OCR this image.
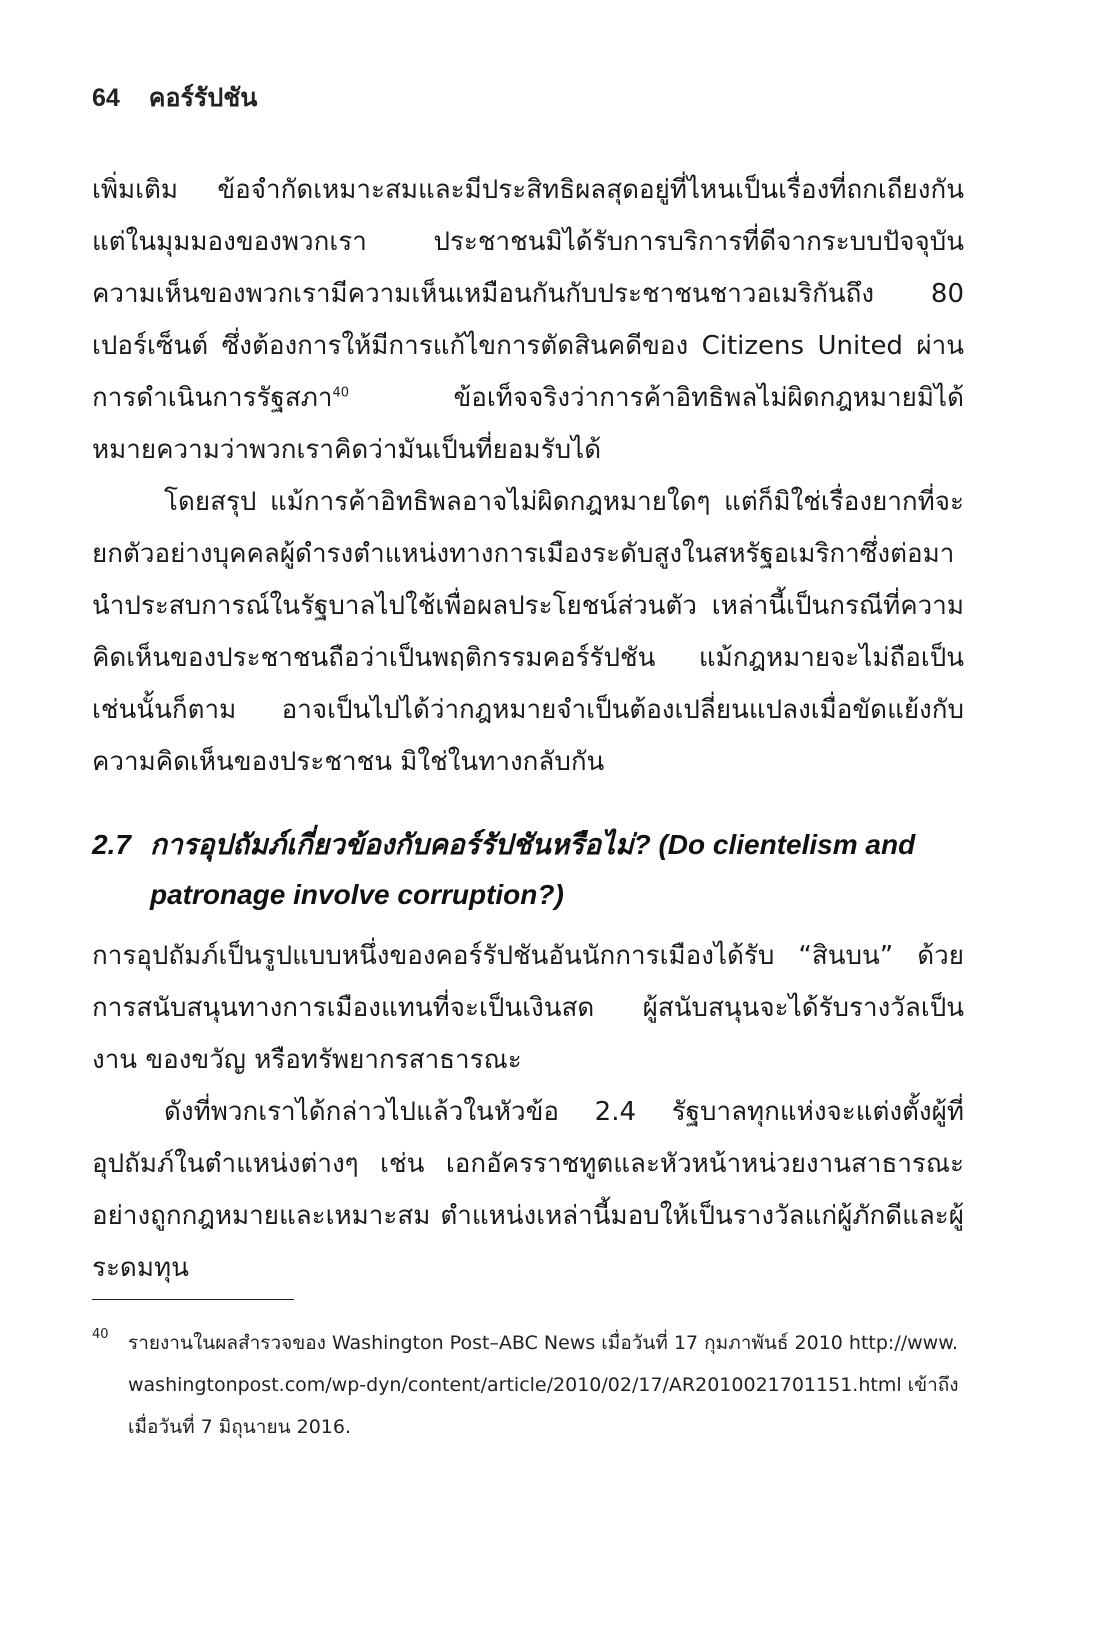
64 คอร์รัปชัน

เพิ่มเติม ข้อจำกัดเหมาะสมและมีประสิทธิผลสุดอยู่ที่ไหนเป็นเรื่องที่ถกเถียงกัน แต่ในมุมมองของพวกเรา ประชาชนมิได้รับการบริการที่ดีจากระบบปัจจุบัน ความเห็นของพวกเรามีความเห็นเหมือนกันกับประชาชนชาวอเมริกันถึง 80 เปอร์เซ็นต์ ซึ่งต้องการให้มีการแก้ไขการตัดสินคดีของ Citizens United ผ่านการดำเนินการรัฐสภา$^{40}$ ข้อเท็จจริงว่าการค้าอิทธิพลไม่ผิดกฎหมายมิได้หมายความว่าพวกเราคิดว่ามันเป็นที่ยอมรับได้

โดยสรุป แม้การค้าอิทธิพลอาจไม่ผิดกฎหมายใดๆ แต่ก็มิใช่เรื่องยากที่จะยกตัวอย่างบุคคลผู้ดำรงตำแหน่งทางการเมืองระดับสูงในสหรัฐอเมริกาซึ่งต่อมานำประสบการณ์ในรัฐบาลไปใช้เพื่อผลประโยชน์ส่วนตัว เหล่านี้เป็นกรณีที่ความคิดเห็นของประชาชนถือว่าเป็นพฤติกรรมคอร์รัปชัน แม้กฎหมายจะไม่ถือเป็นเช่นนั้นก็ตาม อาจเป็นไปได้ว่ากฎหมายจำเป็นต้องเปลี่ยนแปลงเมื่อขัดแย้งกับความคิดเห็นของประชาชน มิใช่ในทางกลับกัน

2.7 การอุปถัมภ์เกี่ยวข้องกับคอร์รัปชันหรือไม่? (Do clientelism and patronage involve corruption?)

การอุปถัมภ์เป็นรูปแบบหนึ่งของคอร์รัปชันอันนักการเมืองได้รับ “สินบน” ด้วยการสนับสนุนทางการเมืองแทนที่จะเป็นเงินสด ผู้สนับสนุนจะได้รับรางวัลเป็นงาน ของขวัญ หรือทรัพยากรสาธารณะ

ดังที่พวกเราได้กล่าวไปแล้วในหัวข้อ 2.4 รัฐบาลทุกแห่งจะแต่งตั้งผู้ที่อุปถัมภ์ในตำแหน่งต่างๆ เช่น เอกอัครราชทูตและหัวหน้าหน่วยงานสาธารณะอย่างถูกกฎหมายและเหมาะสม ตำแหน่งเหล่านี้มอบให้เป็นรางวัลแก่ผู้ภักดีและผู้ระดมทุน

40 รายงานในผลสำรวจของ Washington Post–ABC News เมื่อวันที่ 17 กุมภาพันธ์ 2010 http://www.washingtonpost.com/wp-dyn/content/article/2010/02/17/AR2010021701151.html เข้าถึงเมื่อวันที่ 7 มิถุนายน 2016.
